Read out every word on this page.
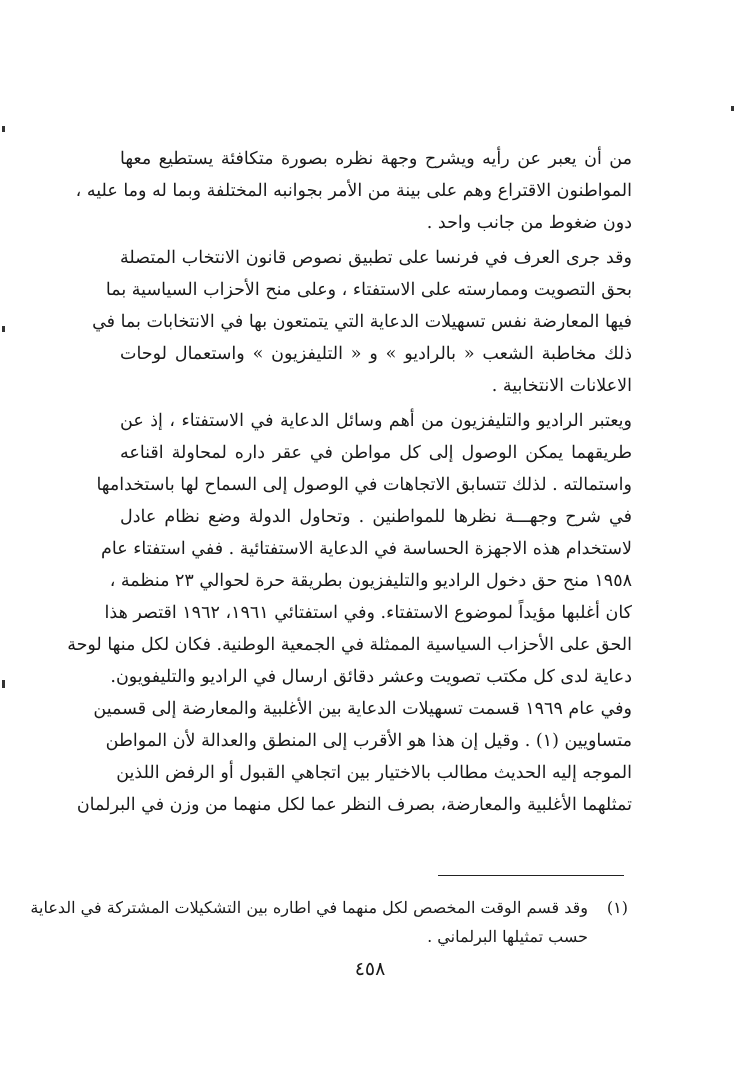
من أن يعبر عن رأيه ويشرح وجهة نظره بصورة متكافئة يستطيع معها
المواطنون الاقتراع وهم على بينة من الأمر بجوانبه المختلفة وبما له وما عليه ،
دون ضغوط من جانب واحد .
وقد جرى العرف في فرنسا على تطبيق نصوص قانون الانتخاب المتصلة
بحق التصويت وممارسته على الاستفتاء ، وعلى منح الأحزاب السياسية بما
فيها المعارضة نفس تسهيلات الدعاية التي يتمتعون بها في الانتخابات بما في
ذلك مخاطبة الشعب « بالراديو » و « التليفزيون » واستعمال لوحات
الاعلانات الانتخابية .
ويعتبر الراديو والتليفزيون من أهم وسائل الدعاية في الاستفتاء ، إذ عن
طريقهما يمكن الوصول إلى كل مواطن في عقر داره لمحاولة اقناعه
واستمالته . لذلك تتسابق الاتجاهات في الوصول إلى السماح لها باستخدامها
في شرح وجهـــة نظرها للمواطنين . وتحاول الدولة وضع نظام عادل
لاستخدام هذه الاجهزة الحساسة في الدعاية الاستفتائية . ففي استفتاء عام
١٩٥٨ منح حق دخول الراديو والتليفزيون بطريقة حرة لحوالي ٢٣ منظمة ،
كان أغلبها مؤيداً لموضوع الاستفتاء. وفي استفتائي ١٩٦١، ١٩٦٢ اقتصر هذا
الحق على الأحزاب السياسية الممثلة في الجمعية الوطنية. فكان لكل منها لوحة
دعاية لدى كل مكتب تصويت وعشر دقائق ارسال في الراديو والتليفويون.
وفي عام ١٩٦٩ قسمت تسهيلات الدعاية بين الأغلبية والمعارضة إلى قسمين
متساويين (١) . وقيل إن هذا هو الأقرب إلى المنطق والعدالة لأن المواطن
الموجه إليه الحديث مطالب بالاختيار بين اتجاهي القبول أو الرفض اللذين
تمثلهما الأغلبية والمعارضة، بصرف النظر عما لكل منهما من وزن في البرلمان
(١)
وقد قسم الوقت المخصص لكل منهما في اطاره بين التشكيلات المشتركة في الدعاية
حسب تمثيلها البرلماني .
٤٥٨
